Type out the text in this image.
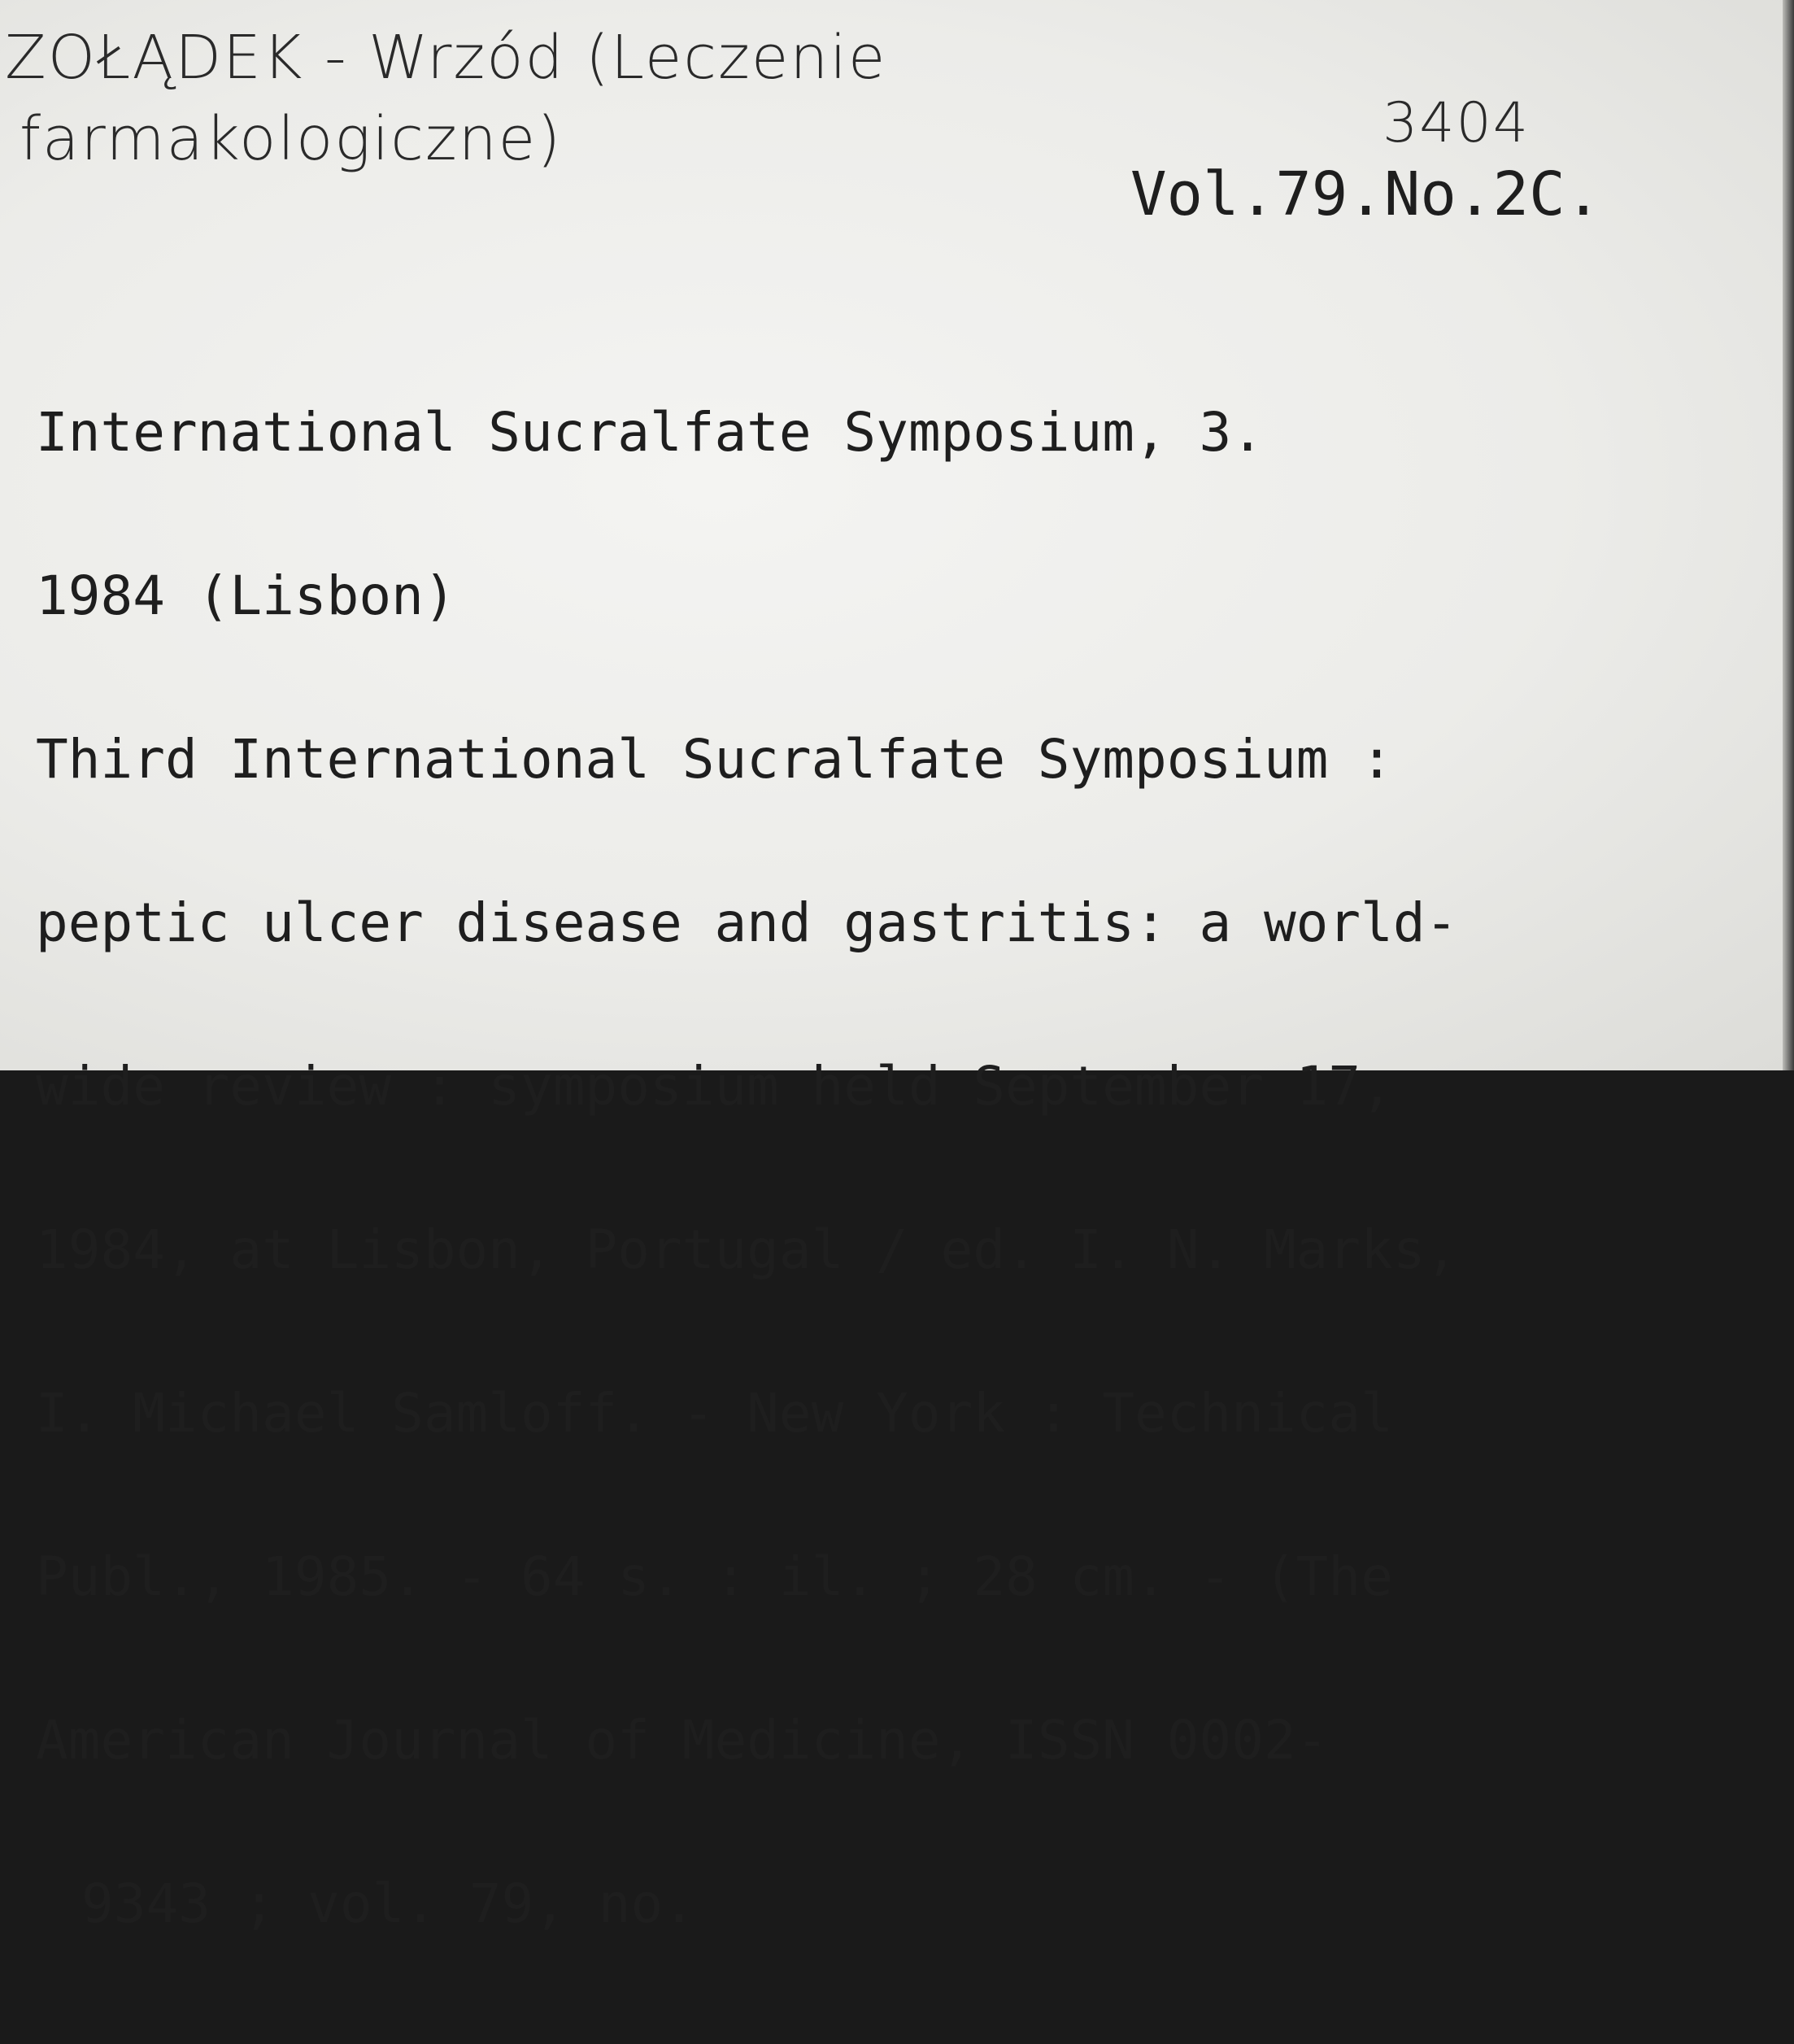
ZOŁĄDEK - Wrzód (Leczenie
farmakologiczne)	3404
Vol.79.No.2C.

International Sucralfate Symposium, 3.

1984 (Lisbon)

Third International Sucralfate Symposium :

peptic ulcer disease and gastritis: a world-

wide review : symposium held September 17,

1984, at Lisbon, Portugal / ed. I. N. Marks,

I. Michael Samloff. - New York : Technical

Publ., 1985. - 64 s. : il. ; 28 cm. - (The

American Journal of Medicine, ISSN 0002-

9343 ; vol. 79, no.
